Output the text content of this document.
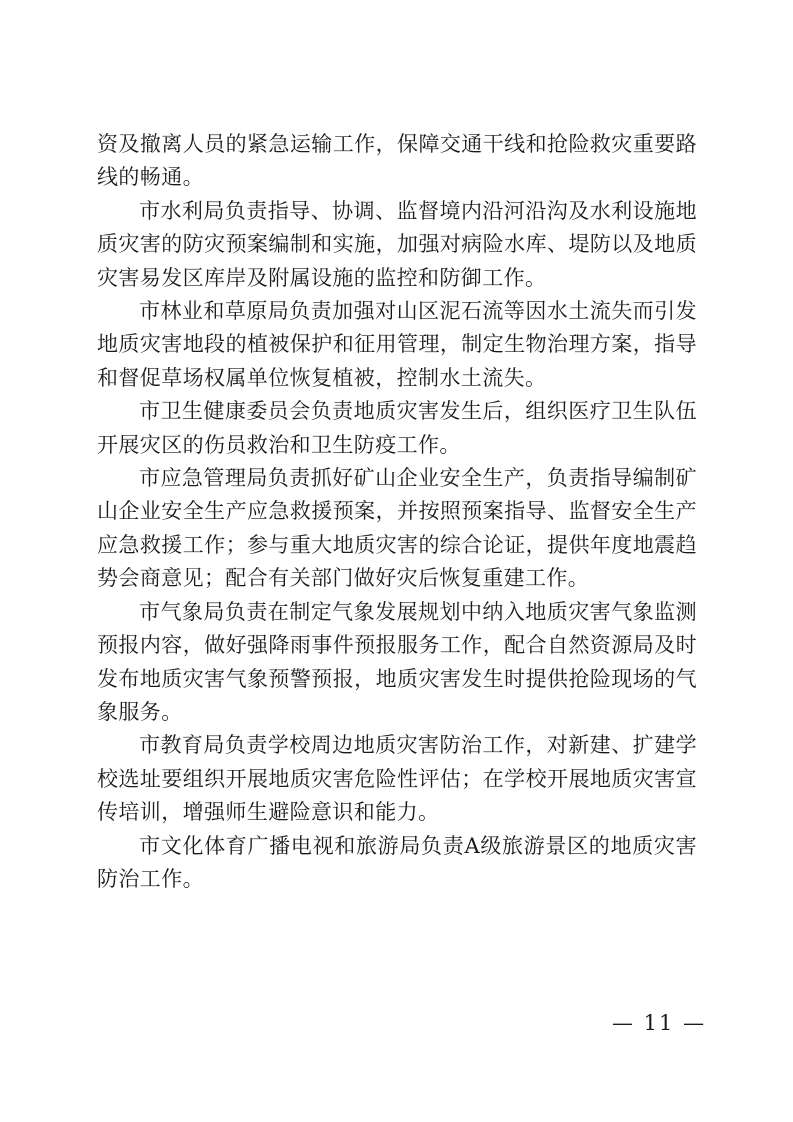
资及撤离人员的紧急运输工作，保障交通干线和抢险救灾重要路线的畅通。

市水利局负责指导、协调、监督境内沿河沿沟及水利设施地质灾害的防灾预案编制和实施，加强对病险水库、堤防以及地质灾害易发区库岸及附属设施的监控和防御工作。

市林业和草原局负责加强对山区泥石流等因水土流失而引发地质灾害地段的植被保护和征用管理，制定生物治理方案，指导和督促草场权属单位恢复植被，控制水土流失。

市卫生健康委员会负责地质灾害发生后，组织医疗卫生队伍开展灾区的伤员救治和卫生防疫工作。

市应急管理局负责抓好矿山企业安全生产，负责指导编制矿山企业安全生产应急救援预案，并按照预案指导、监督安全生产应急救援工作；参与重大地质灾害的综合论证，提供年度地震趋势会商意见；配合有关部门做好灾后恢复重建工作。

市气象局负责在制定气象发展规划中纳入地质灾害气象监测预报内容，做好强降雨事件预报服务工作，配合自然资源局及时发布地质灾害气象预警预报，地质灾害发生时提供抢险现场的气象服务。

市教育局负责学校周边地质灾害防治工作，对新建、扩建学校选址要组织开展地质灾害危险性评估；在学校开展地质灾害宣传培训，增强师生避险意识和能力。

市文化体育广播电视和旅游局负责A级旅游景区的地质灾害防治工作。

— 11 —
